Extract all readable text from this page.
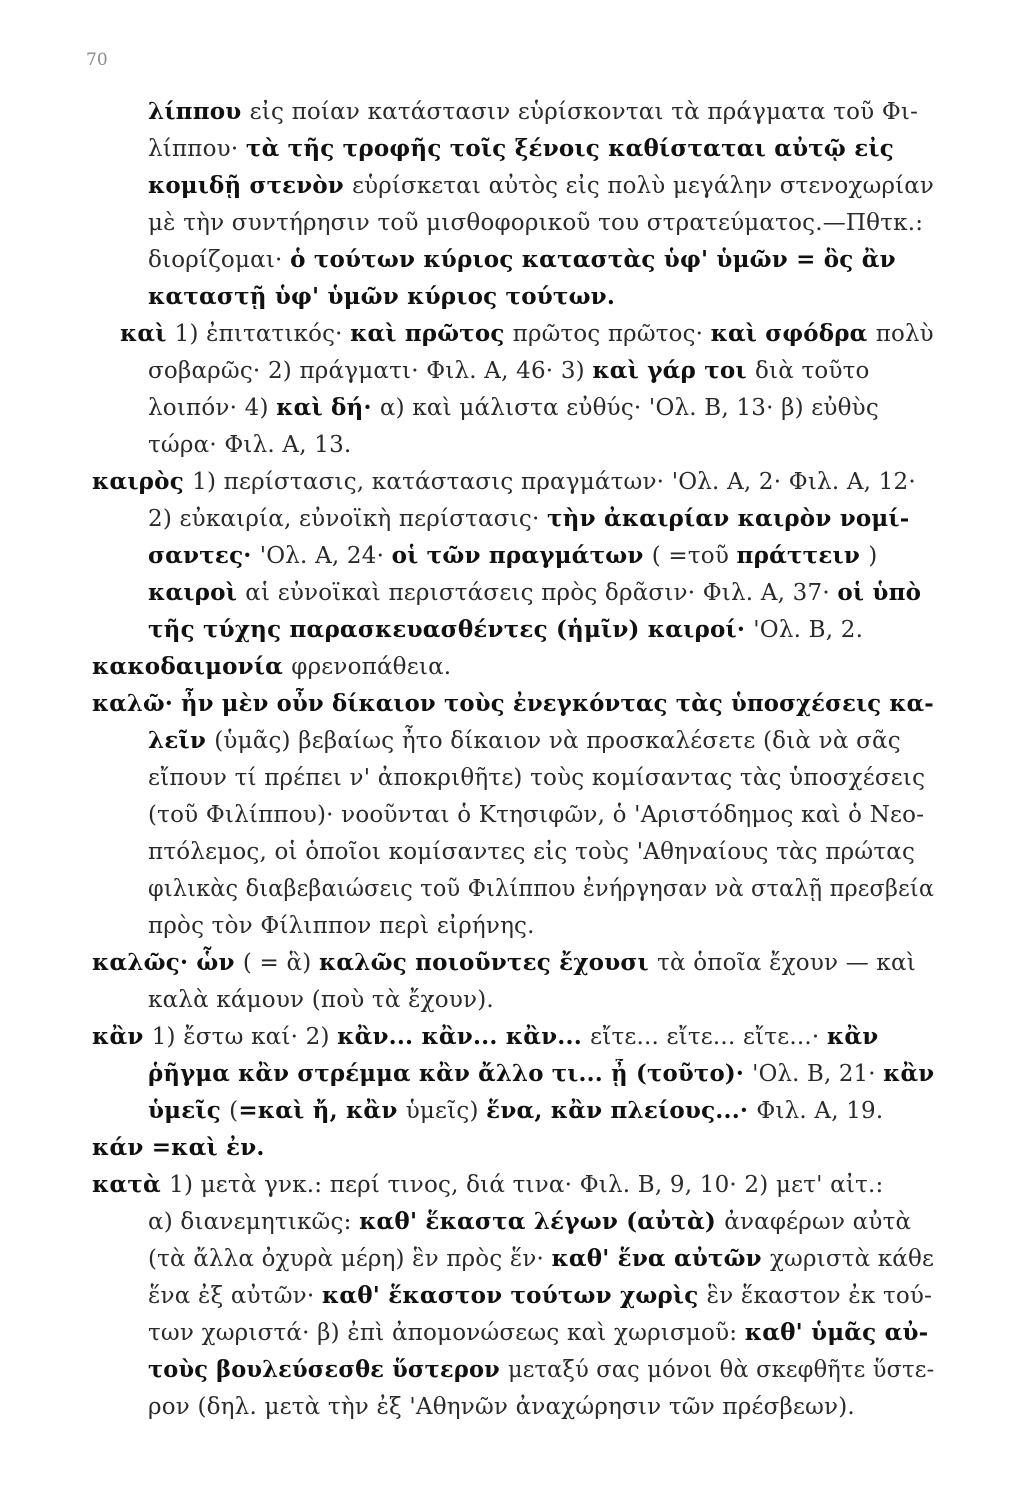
70
λίππου εἰς ποίαν κατάστασιν εὑρίσκονται τὰ πράγματα τοῦ Φι-
λίππου· τὰ τῆς τροφῆς τοῖς ξένοις καθίσταται αὐτῷ εἰς
κομιδῇ στενὸν εὑρίσκεται αὐτὸς εἰς πολὺ μεγάλην στενοχωρίαν
μὲ τὴν συντήρησιν τοῦ μισθοφορικοῦ του στρατεύματος.—Πθτκ.:
διορίζομαι· ὁ τούτων κύριος καταστὰς ὑφ' ὑμῶν = ὃς ἂν
καταστῇ ὑφ' ὑμῶν κύριος τούτων.
καὶ 1) ἐπιτατικός· καὶ πρῶτος πρῶτος πρῶτος· καὶ σφόδρα πολὺ
σοβαρῶς· 2) πράγματι· Φιλ. Α, 46· 3) καὶ γάρ τοι διὰ τοῦτο
λοιπόν· 4) καὶ δή· α) καὶ μάλιστα εὐθύς· 'Ολ. Β, 13· β) εὐθὺς
τώρα· Φιλ. Α, 13.
καιρὸς 1) περίστασις, κατάστασις πραγμάτων· 'Ολ. Α, 2· Φιλ. Α, 12·
2) εὐκαιρία, εὐνοϊκὴ περίστασις· τὴν ἀκαιρίαν καιρὸν νομί-
σαντες· 'Ολ. Α, 24· οἱ τῶν πραγμάτων ( =τοῦ πράττειν )
καιροὶ αἱ εὐνοϊκαὶ περιστάσεις πρὸς δρᾶσιν· Φιλ. Α, 37· οἱ ὑπὸ
τῆς τύχης παρασκευασθέντες (ἡμῖν) καιροί· 'Ολ. Β, 2.
κακοδαιμονία φρενοπάθεια.
καλῶ· ἦν μὲν οὖν δίκαιον τοὺς ἐνεγκόντας τὰς ὑποσχέσεις κα-
λεῖν (ὑμᾶς) βεβαίως ἦτο δίκαιον νὰ προσκαλέσετε (διὰ νὰ σᾶς
εἴπουν τί πρέπει ν' ἀποκριθῆτε) τοὺς κομίσαντας τὰς ὑποσχέσεις
(τοῦ Φιλίππου)· νοοῦνται ὁ Κτησιφῶν, ὁ 'Αριστόδημος καὶ ὁ Νεο-
πτόλεμος, οἱ ὁποῖοι κομίσαντες εἰς τοὺς 'Αθηναίους τὰς πρώτας
φιλικὰς διαβεβαιώσεις τοῦ Φιλίππου ἐνήργησαν νὰ σταλῇ πρεσβεία
πρὸς τὸν Φίλιππον περὶ εἰρήνης.
καλῶς· ὧν ( = ἃ) καλῶς ποιοῦντες ἔχουσι τὰ ὁποῖα ἔχουν — καὶ
καλὰ κάμουν (ποὺ τὰ ἔχουν).
κἂν 1) ἔστω καί· 2) κἂν... κἂν... κἂν... εἴτε... εἴτε... εἴτε...· κἂν
ῥῆγμα κἂν στρέμμα κἂν ἄλλο τι... ᾖ (τοῦτο)· 'Ολ. Β, 21· κἂν
ὑμεῖς (=καὶ ἤ, κἂν ὑμεῖς) ἕνα, κἂν πλείους...· Φιλ. Α, 19.
κάν =καὶ ἐν.
κατὰ 1) μετὰ γνκ.: περί τινος, διά τινα· Φιλ. Β, 9, 10· 2) μετ' αἰτ.:
α) διανεμητικῶς: καθ' ἕκαστα λέγων (αὐτὰ) ἀναφέρων αὐτὰ
(τὰ ἄλλα ὀχυρὰ μέρη) ἓν πρὸς ἕν· καθ' ἕνα αὐτῶν χωριστὰ κάθε
ἕνα ἐξ αὐτῶν· καθ' ἕκαστον τούτων χωρὶς ἓν ἕκαστον ἐκ τού-
των χωριστά· β) ἐπὶ ἀπομονώσεως καὶ χωρισμοῦ: καθ' ὑμᾶς αὐ-
τοὺς βουλεύσεσθε ὕστερον μεταξύ σας μόνοι θὰ σκεφθῆτε ὕστε-
ρον (δηλ. μετὰ τὴν ἐξ 'Αθηνῶν ἀναχώρησιν τῶν πρέσβεων).
